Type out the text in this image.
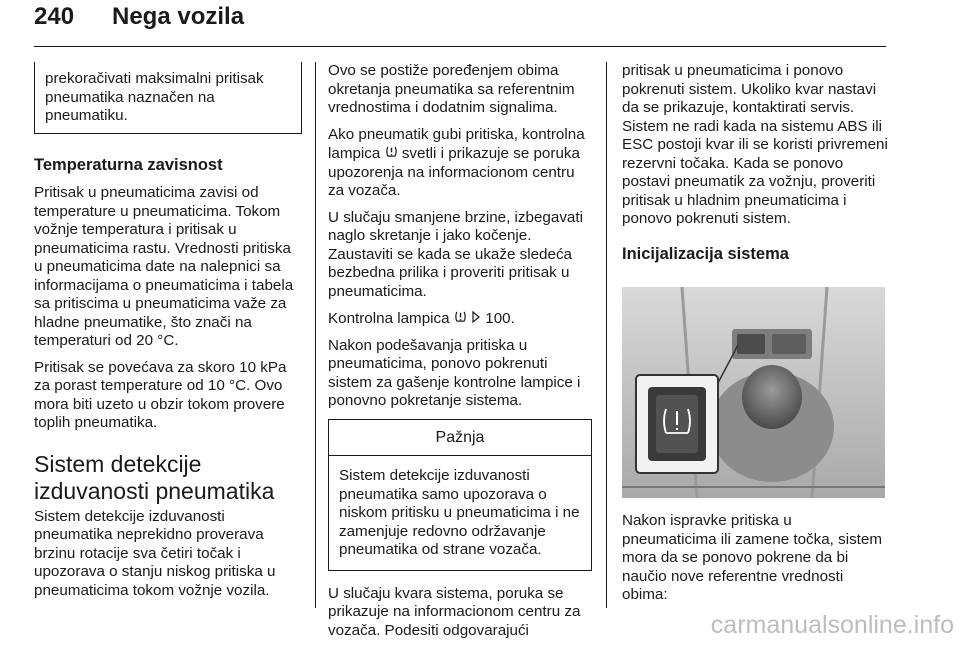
240 Nega vozila
prekoračivati maksimalni pritisak pneumatika naznačen na pneumatiku.
Temperaturna zavisnost

Pritisak u pneumaticima zavisi od temperature u pneumaticima. Tokom vožnje temperatura i pritisak u pneumaticima rastu. Vrednosti pritiska u pneumaticima date na nalepnici sa informacijama o pneumaticima i tabela sa pritiscima u pneumaticima važe za hladne pneumatike, što znači na temperaturi od 20 °C.

Pritisak se povećava za skoro 10 kPa za porast temperature od 10 °C. Ovo mora biti uzeto u obzir tokom provere toplih pneumatika.

Sistem detekcije izduvanosti pneumatika

Sistem detekcije izduvanosti pneumatika neprekidno proverava brzinu rotacije sva četiri točak i upozorava o stanju niskog pritiska u pneumaticima tokom vožnje vozila.

Ovo se postiže poređenjem obima okretanja pneumatika sa referentnim vrednostima i dodatnim signalima.

Ako pneumatik gubi pritiska, kontrolna lampica svetli i prikazuje se poruka upozorenja na informacionom centru za vozača.

U slučaju smanjene brzine, izbegavati naglo skretanje i jako kočenje. Zaustaviti se kada se ukaže sledeća bezbedna prilika i proveriti pritisak u pneumaticima.

Kontrolna lampica 100.

Nakon podešavanja pritiska u pneumaticima, ponovo pokrenuti sistem za gašenje kontrolne lampice i ponovno pokretanje sistema.

Pažnja
Sistem detekcije izduvanosti pneumatika samo upozorava o niskom pritisku u pneumaticima i ne zamenjuje redovno održavanje pneumatika od strane vozača.

U slučaju kvara sistema, poruka se prikazuje na informacionom centru za vozača. Podesiti odgovarajući

pritisak u pneumaticima i ponovo pokrenuti sistem. Ukoliko kvar nastavi da se prikazuje, kontaktirati servis. Sistem ne radi kada na sistemu ABS ili ESC postoji kvar ili se koristi privremeni rezervni točaka. Kada se ponovo postavi pneumatik za vožnju, proveriti pritisak u hladnim pneumaticima i ponovo pokrenuti sistem.

Inicijalizacija sistema

Nakon ispravke pritiska u pneumaticima ili zamene točka, sistem mora da se ponovo pokrene da bi naučio nove referentne vrednosti obima:

carmanualsonline.info
